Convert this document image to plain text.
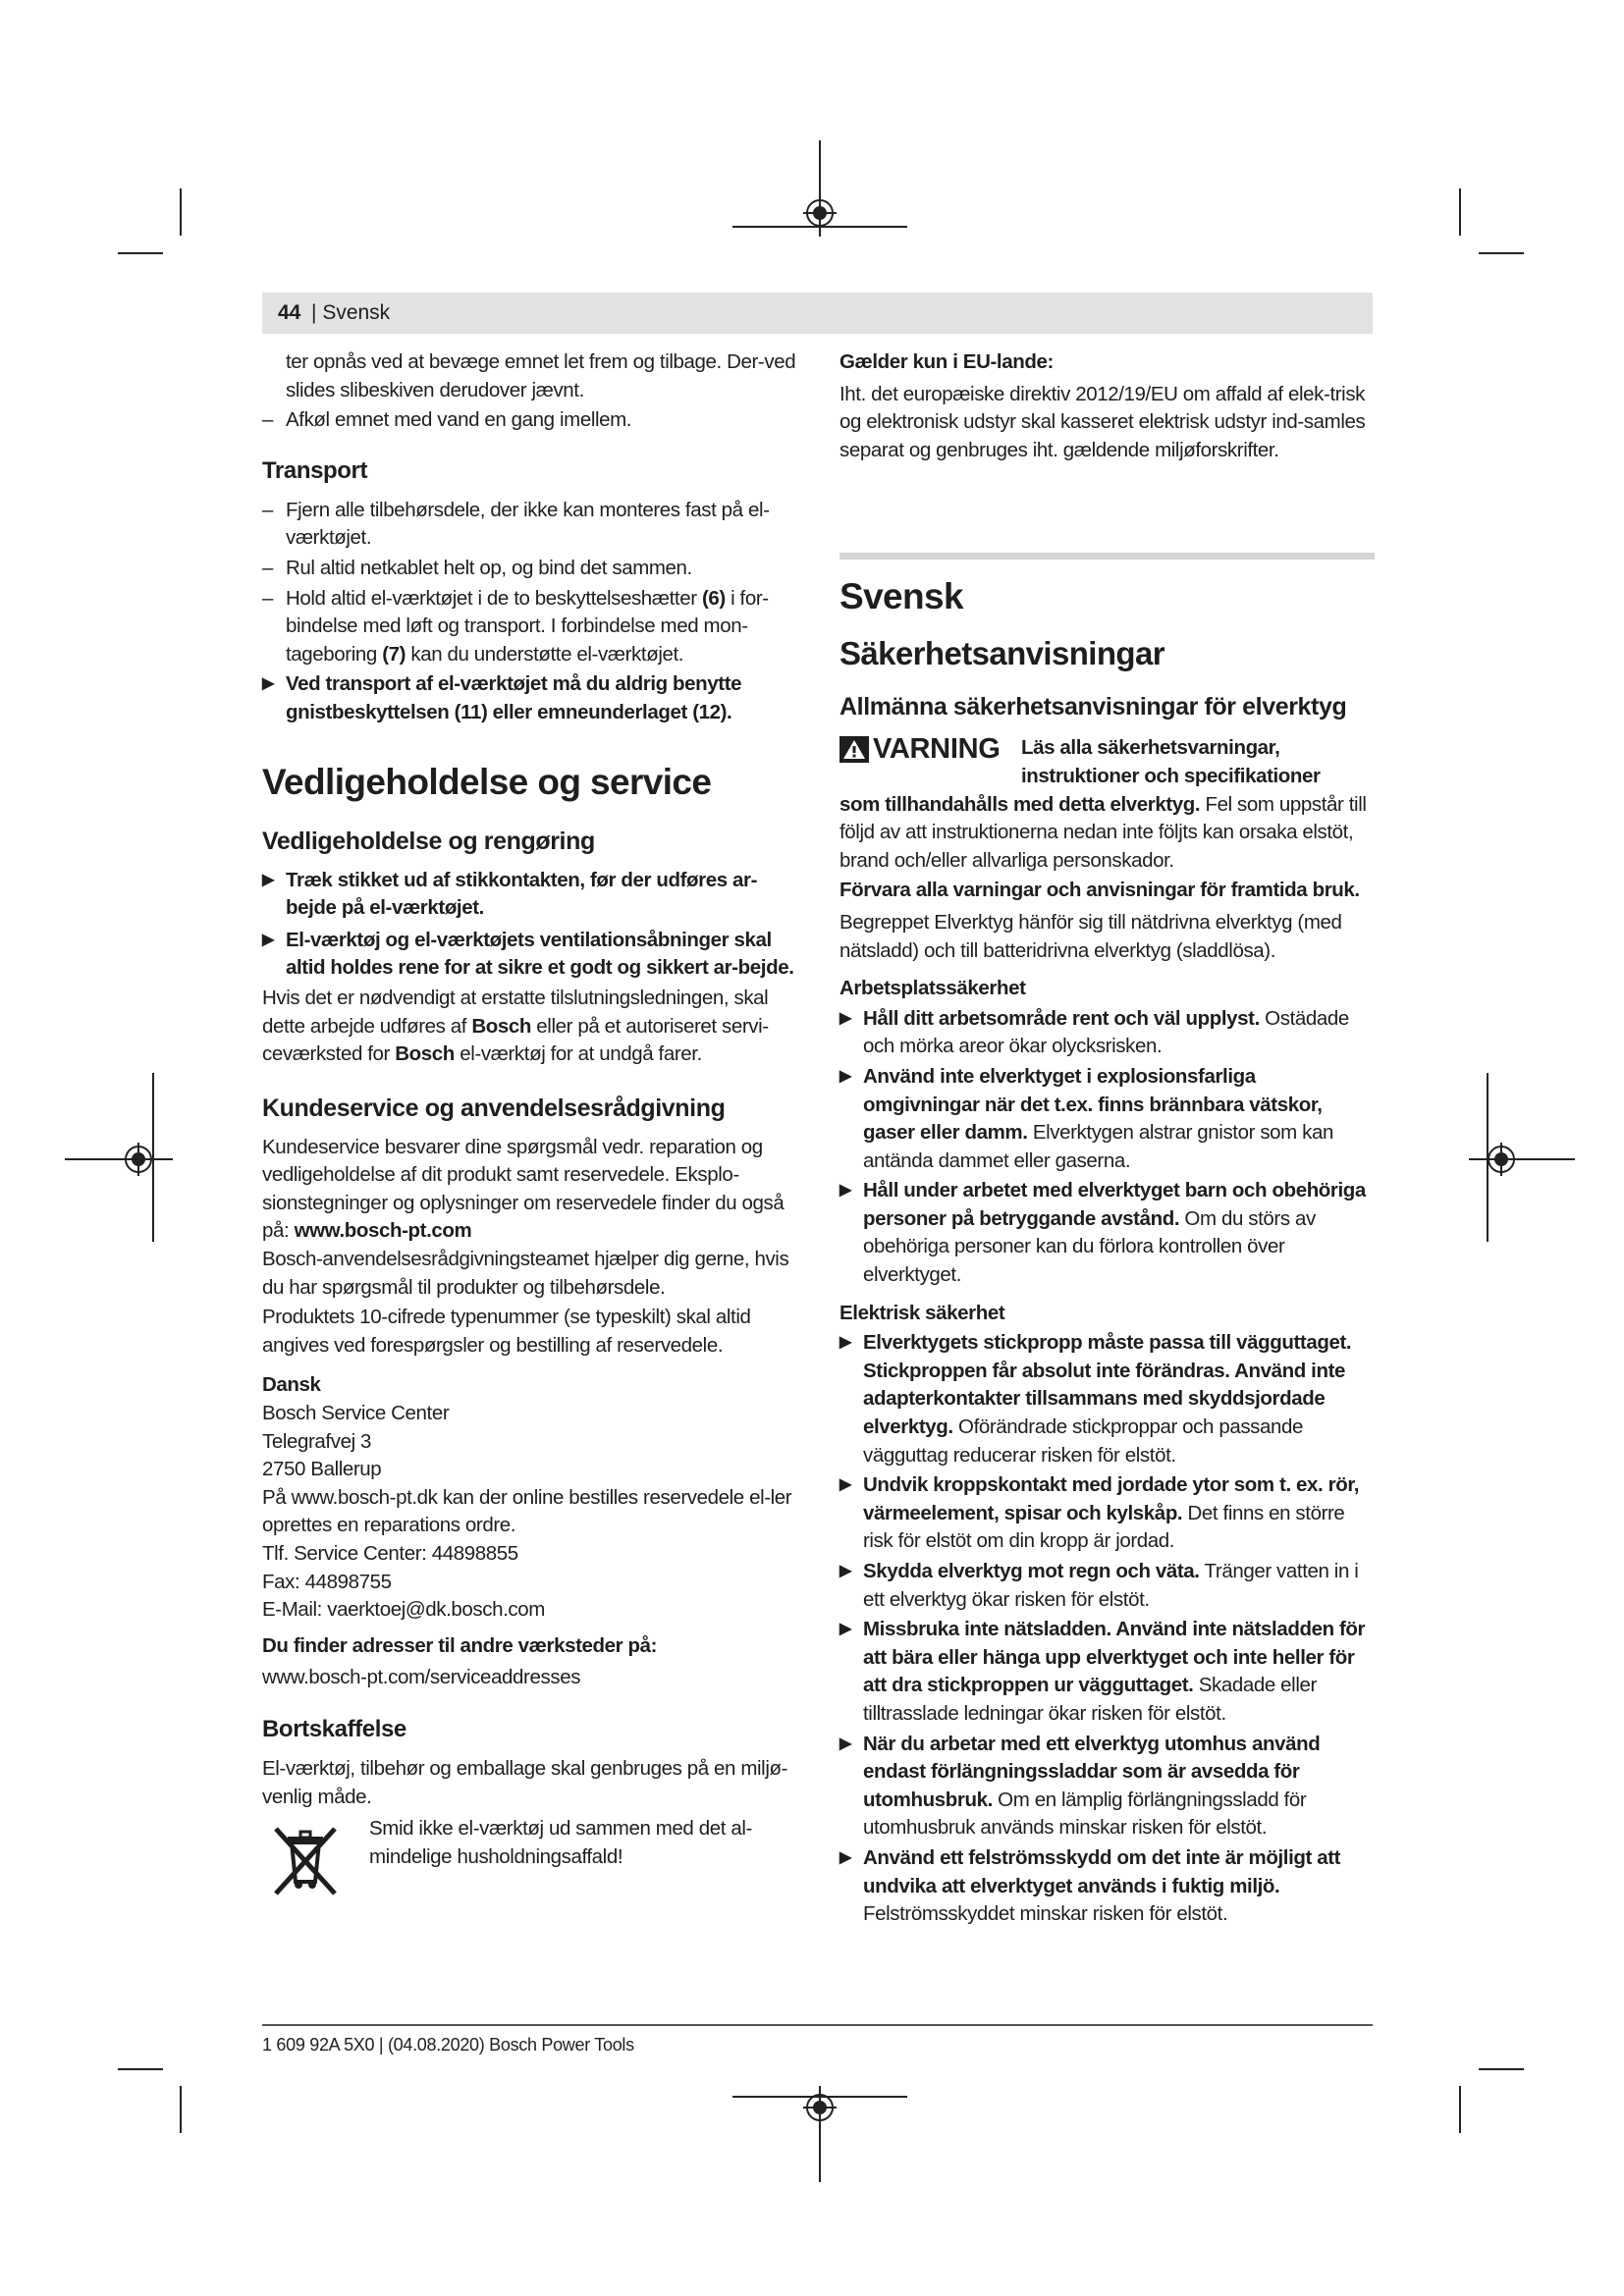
44 | Svensk

ter opnås ved at bevæge emnet let frem og tilbage. Der-ved slides slibeskiven derudover jævnt.

– Afkøl emnet med vand en gang imellem.

Transport

– Fjern alle tilbehørsdele, der ikke kan monteres fast på el-værktøjet.

– Rul altid netkablet helt op, og bind det sammen.

– Hold altid el-værktøjet i de to beskyttelseshætter (6) i for-bindelse med løft og transport. I forbindelse med mon-tageboring (7) kan du understøtte el-værktøjet.

▶ Ved transport af el-værktøjet må du aldrig benytte gnistbeskyttelsen (11) eller emneunderlaget (12).

Vedligeholdelse og service
Vedligeholdelse og rengøring

▶ Træk stikket ud af stikkontakten, før der udføres ar-bejde på el-værktøjet.

▶ El-værktøj og el-værktøjets ventilationsåbninger skal altid holdes rene for at sikre et godt og sikkert ar-bejde.

Hvis det er nødvendigt at erstatte tilslutningsledningen, skal dette arbejde udføres af Bosch eller på et autoriseret servi-ceværksted for Bosch el-værktøj for at undgå farer.

Kundeservice og anvendelsesrådgivning

Kundeservice besvarer dine spørgsmål vedr. reparation og vedligeholdelse af dit produkt samt reservedele. Eksplo-sionstegninger og oplysninger om reservedele finder du også på: www.bosch-pt.com

Bosch-anvendelsesrådgivningsteamet hjælper dig gerne, hvis du har spørgsmål til produkter og tilbehørsdele.

Produktets 10-cifrede typenummer (se typeskilt) skal altid angives ved forespørgsler og bestilling af reservedele.

Dansk

Bosch Service Center

Telegrafvej 3

2750 Ballerup

På www.bosch-pt.dk kan der online bestilles reservedele el-ler oprettes en reparations ordre.

Tlf. Service Center: 44898855

Fax: 44898755

E-Mail: vaerktoej@dk.bosch.com

Du finder adresser til andre værksteder på:

www.bosch-pt.com/serviceaddresses

Bortskaffelse

El-værktøj, tilbehør og emballage skal genbruges på en miljø-venlig måde.

Smid ikke el-værktøj ud sammen med det al-mindelige husholdningsaffald!

Gælder kun i EU-lande:

Iht. det europæiske direktiv 2012/19/EU om affald af elek-trisk og elektronisk udstyr skal kasseret elektrisk udstyr ind-samles separat og genbruges iht. gældende miljøforskrifter.

Svensk
Säkerhetsanvisningar
Allmänna säkerhetsanvisningar för elverktyg
VARNING Läs alla säkerhetsvarningar, instruktioner och specifikationer

som tillhandahålls med detta elverktyg. Fel som uppstår till följd av att instruktionerna nedan inte följts kan orsaka elstöt, brand och/eller allvarliga personskador.

Förvara alla varningar och anvisningar för framtida bruk.

Begreppet Elverktyg hänför sig till nätdrivna elverktyg (med nätsladd) och till batteridrivna elverktyg (sladdlösa).

Arbetsplatssäkerhet

▶ Håll ditt arbetsområde rent och väl upplyst. Ostädade och mörka areor ökar olycksrisken.

▶ Använd inte elverktyget i explosionsfarliga omgivningar när det t.ex. finns brännbara vätskor, gaser eller damm. Elverktygen alstrar gnistor som kan antända dammet eller gaserna.

▶ Håll under arbetet med elverktyget barn och obehöriga personer på betryggande avstånd. Om du störs av obehöriga personer kan du förlora kontrollen över elverktyget.

Elektrisk säkerhet

▶ Elverktygets stickpropp måste passa till vägguttaget. Stickproppen får absolut inte förändras. Använd inte adapterkontakter tillsammans med skyddsjordade elverktyg. Oförändrade stickproppar och passande vägguttag reducerar risken för elstöt.

▶ Undvik kroppskontakt med jordade ytor som t. ex. rör, värmeelement, spisar och kylskåp. Det finns en större risk för elstöt om din kropp är jordad.

▶ Skydda elverktyg mot regn och väta. Tränger vatten in i ett elverktyg ökar risken för elstöt.

▶ Missbruka inte nätsladden. Använd inte nätsladden för att bära eller hänga upp elverktyget och inte heller för att dra stickproppen ur vägguttaget. Skadade eller tilltrasslade ledningar ökar risken för elstöt.

▶ När du arbetar med ett elverktyg utomhus använd endast förlängningssladdar som är avsedda för utomhusbruk. Om en lämplig förlängningssladd för utomhusbruk används minskar risken för elstöt.

▶ Använd ett felströmsskydd om det inte är möjligt att undvika att elverktyget används i fuktig miljö. Felströmsskyddet minskar risken för elstöt.

1 609 92A 5X0 | (04.08.2020) Bosch Power Tools
